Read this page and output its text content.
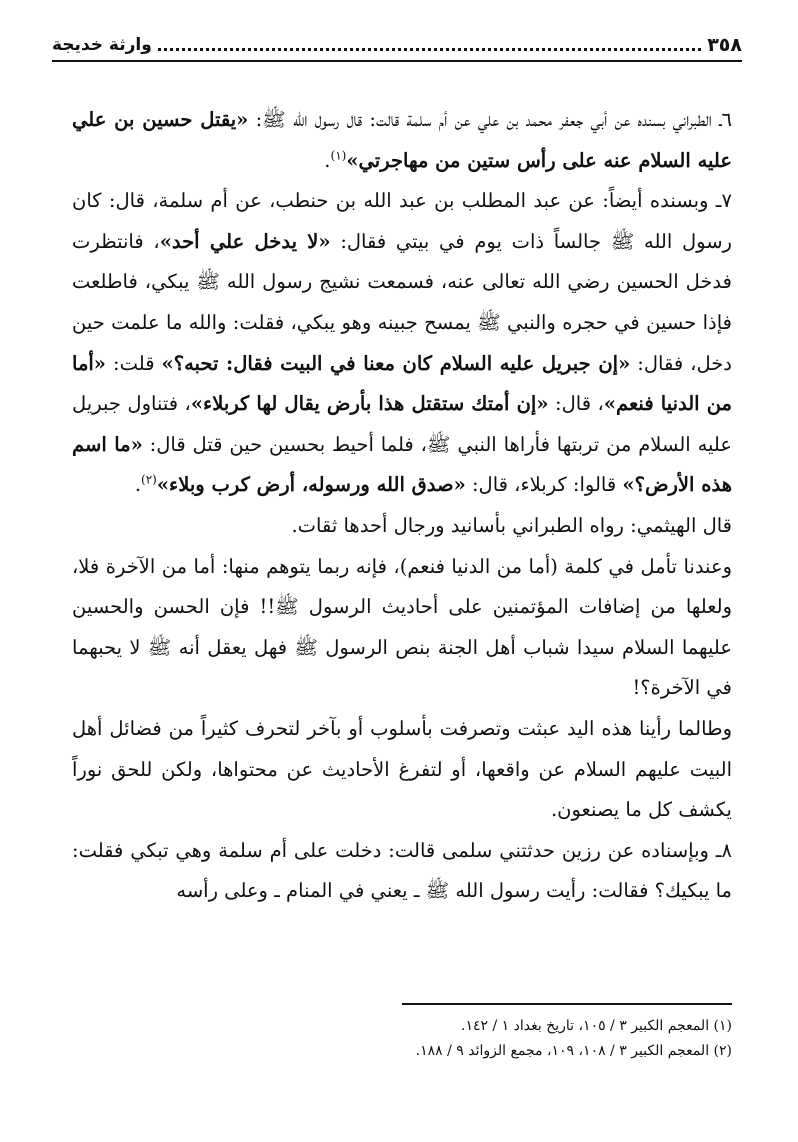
٣٥٨
وارثة خديجة

٦ـ الطبراني بسنده عن أبي جعفر محمد بن علي عن أم سلمة قالت: قال رسول الله ﷺ: «يقتل حسين بن علي عليه السلام عنه على رأس ستين من مهاجرتي»$^{(١)}$.

٧ـ وبسنده أيضاً: عن عبد المطلب بن عبد الله بن حنطب، عن أم سلمة، قال: كان رسول الله ﷺ جالساً ذات يوم في بيتي فقال: «لا يدخل علي أحد»، فانتظرت فدخل الحسين رضي الله تعالى عنه، فسمعت نشيج رسول الله ﷺ يبكي، فاطلعت فإذا حسين في حجره والنبي ﷺ يمسح جبينه وهو يبكي، فقلت: والله ما علمت حين دخل، فقال: «إن جبريل عليه السلام كان معنا في البيت فقال: تحبه؟» قلت: «أما من الدنيا فنعم»، قال: «إن أمتك ستقتل هذا بأرض يقال لها كربلاء»، فتناول جبريل عليه السلام من تربتها فأراها النبي ﷺ، فلما أحيط بحسين حين قتل قال: «ما اسم هذه الأرض؟» قالوا: كربلاء، قال: «صدق الله ورسوله، أرض كرب وبلاء»$^{(٢)}$.

قال الهيثمي: رواه الطبراني بأسانيد ورجال أحدها ثقات.

وعندنا تأمل في كلمة (أما من الدنيا فنعم)، فإنه ربما يتوهم منها: أما من الآخرة فلا، ولعلها من إضافات المؤتمنين على أحاديث الرسول ﷺ!! فإن الحسن والحسين عليهما السلام سيدا شباب أهل الجنة بنص الرسول ﷺ فهل يعقل أنه ﷺ لا يحبهما في الآخرة؟!

وطالما رأينا هذه اليد عبثت وتصرفت بأسلوب أو بآخر لتحرف كثيراً من فضائل أهل البيت عليهم السلام عن واقعها، أو لتفرغ الأحاديث عن محتواها، ولكن للحق نوراً يكشف كل ما يصنعون.

٨ـ وبإسناده عن رزين حدثتني سلمى قالت: دخلت على أم سلمة وهي تبكي فقلت: ما يبكيك؟ فقالت: رأيت رسول الله ﷺ ـ يعني في المنام ـ وعلى رأسه

(١) المعجم الكبير ٣ / ١٠٥، تاريخ بغداد ١ / ١٤٢.

(٢) المعجم الكبير ٣ / ١٠٨، ١٠٩، مجمع الزوائد ٩ / ١٨٨.
